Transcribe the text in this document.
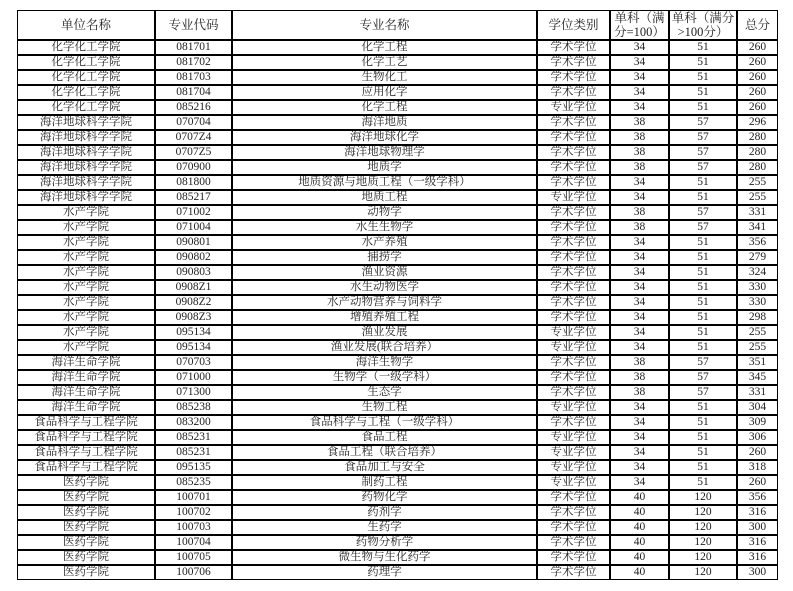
单位名称	专业代码	专业名称	学位类别	单科（满分=100）	单科（满分>100分）	总分
化学化工学院	081701	化学工程	学术学位	34	51	260
化学化工学院	081702	化学工艺	学术学位	34	51	260
化学化工学院	081703	生物化工	学术学位	34	51	260
化学化工学院	081704	应用化学	学术学位	34	51	260
化学化工学院	085216	化学工程	专业学位	34	51	260
海洋地球科学学院	070704	海洋地质	学术学位	38	57	296
海洋地球科学学院	0707Z4	海洋地球化学	学术学位	38	57	280
海洋地球科学学院	0707Z5	海洋地球物理学	学术学位	38	57	280
海洋地球科学学院	070900	地质学	学术学位	38	57	280
海洋地球科学学院	081800	地质资源与地质工程（一级学科）	学术学位	34	51	255
海洋地球科学学院	085217	地质工程	专业学位	34	51	255
水产学院	071002	动物学	学术学位	38	57	331
水产学院	071004	水生生物学	学术学位	38	57	341
水产学院	090801	水产养殖	学术学位	34	51	356
水产学院	090802	捕捞学	学术学位	34	51	279
水产学院	090803	渔业资源	学术学位	34	51	324
水产学院	0908Z1	水生动物医学	学术学位	34	51	330
水产学院	0908Z2	水产动物营养与饲料学	学术学位	34	51	330
水产学院	0908Z3	增殖养殖工程	学术学位	34	51	298
水产学院	095134	渔业发展	专业学位	34	51	255
水产学院	095134	渔业发展(联合培养）	专业学位	34	51	255
海洋生命学院	070703	海洋生物学	学术学位	38	57	351
海洋生命学院	071000	生物学（一级学科）	学术学位	38	57	345
海洋生命学院	071300	生态学	学术学位	38	57	331
海洋生命学院	085238	生物工程	专业学位	34	51	304
食品科学与工程学院	083200	食品科学与工程（一级学科）	学术学位	34	51	309
食品科学与工程学院	085231	食品工程	专业学位	34	51	306
食品科学与工程学院	085231	食品工程（联合培养）	专业学位	34	51	260
食品科学与工程学院	095135	食品加工与安全	专业学位	34	51	318
医药学院	085235	制药工程	专业学位	34	51	260
医药学院	100701	药物化学	学术学位	40	120	356
医药学院	100702	药剂学	学术学位	40	120	316
医药学院	100703	生药学	学术学位	40	120	300
医药学院	100704	药物分析学	学术学位	40	120	316
医药学院	100705	微生物与生化药学	学术学位	40	120	316
医药学院	100706	药理学	学术学位	40	120	300
